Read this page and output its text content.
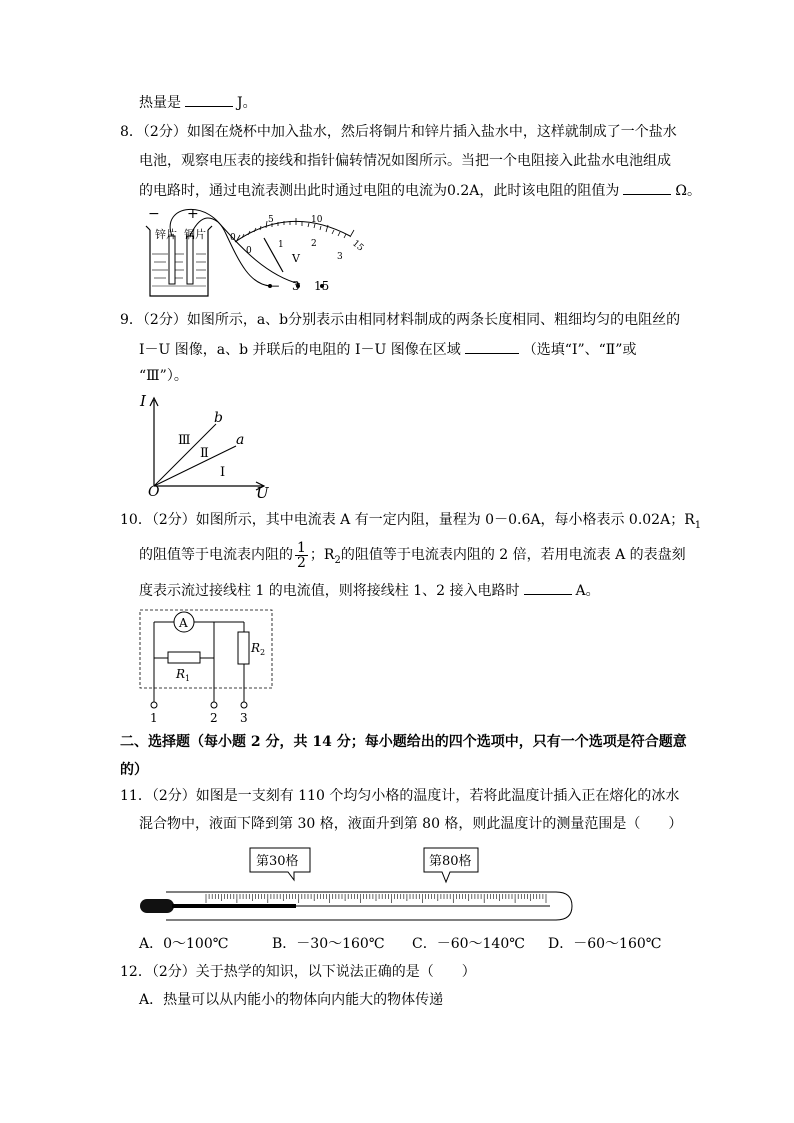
热量是	J。
8．（2分）如图在烧杯中加入盐水，然后将铜片和锌片插入盐水中，这样就制成了一个盐水
电池，观察电压表的接线和指针偏转情况如图所示。当把一个电阻接入此盐水电池组成
的电路时，通过电流表测出此时通过电阻的电流为0.2A，此时该电阻的阻值为	Ω。
− +
锌片 铜片	0
5	10
15
0
1	2
3
V
− 3 15
9．（2分）如图所示，a、b分别表示由相同材料制成的两条长度相同、粗细均匀的电阻丝的
I－U 图像，a、b 并联后的电阻的 I－U 图像在区域	（选填“Ⅰ”、“Ⅱ”或
“Ⅲ”）。
I
U
O
b
a
Ⅲ
Ⅱ
Ⅰ
10．（2分）如图所示，其中电流表 A 有一定内阻，量程为 0－0.6A，每小格表示 0.02A；$R_1$
的阻值等于电流表内阻的 $\frac{1}{2}$ ；$R_2$的阻值等于电流表内阻的 2 倍，若用电流表 A 的表盘刻
度表示流过接线柱 1 的电流值，则将接线柱 1、2 接入电路时	A。
A
$R_1$
$R_2$
1	2 3
二、选择题（每小题 2 分，共 14 分；每小题给出的四个选项中，只有一个选项是符合题意
的）
11．（2分）如图是一支刻有 110 个均匀小格的温度计，若将此温度计插入正在熔化的冰水
混合物中，液面下降到第 30 格，液面升到第 80 格，则此温度计的测量范围是（　　）
第30格	第80格
A．0～100℃	B．－30～160℃ C．－60～140℃ D．－60～160℃
12．（2分）关于热学的知识，以下说法正确的是（　　）
A．热量可以从内能小的物体向内能大的物体传递
